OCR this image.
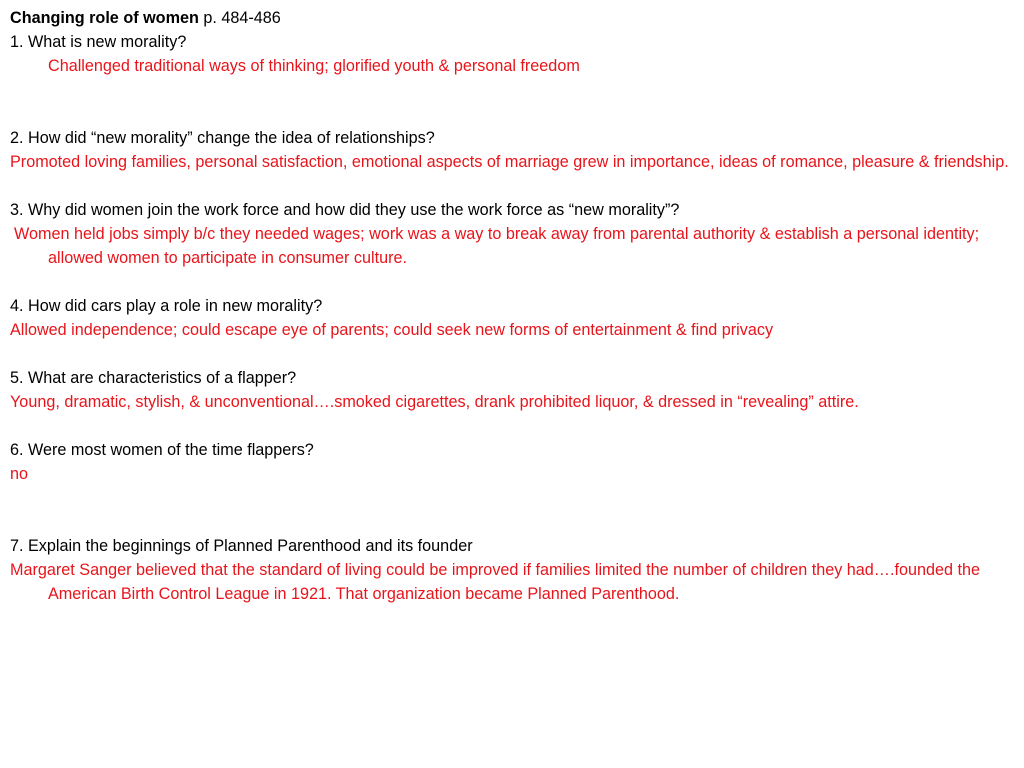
Changing role of women p. 484-486
1. What is new morality?
Challenged traditional ways of thinking; glorified youth & personal freedom
2. How did “new morality” change the idea of relationships?
Promoted loving families, personal satisfaction, emotional aspects of marriage grew in importance, ideas of romance, pleasure & friendship.
3. Why did women join the work force and how did they use the work force as “new morality”?
Women held jobs simply b/c they needed wages; work was a way to break away from parental authority & establish a personal identity; allowed women to participate in consumer culture.
4. How did cars play a role in new morality?
Allowed independence; could escape eye of parents; could seek new forms of entertainment & find privacy
5. What are characteristics of a flapper?
Young, dramatic, stylish, & unconventional….smoked cigarettes, drank prohibited liquor, & dressed in “revealing” attire.
6. Were most women of the time flappers?
no
7. Explain the beginnings of Planned Parenthood and its founder
Margaret Sanger believed that the standard of living could be improved if families limited the number of children they had….founded the American Birth Control League in 1921. That organization became Planned Parenthood.
